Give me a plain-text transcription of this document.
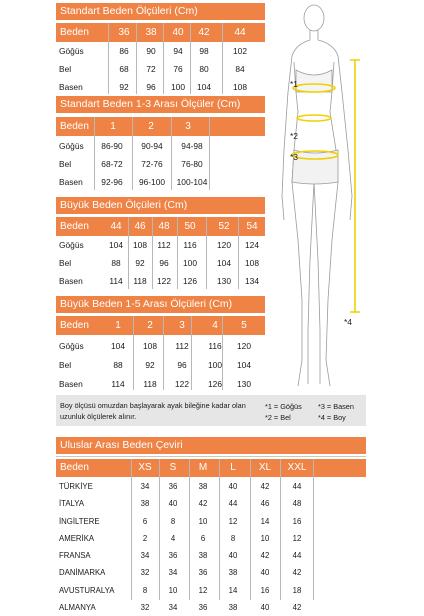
Standart Beden Ölçüleri (Cm)
Beden	36	38	40	42	44
Göğüs	86	90	94	98	102
Bel	68	72	76	80	84
Basen	92	96	100	104	108
Standart Beden 1-3 Arası Ölçüler (Cm)
Beden	1	2	3
Göğüs	86-90	90-94	94-98
Bel	68-72	72-76	76-80
Basen	92-96	96-100	100-104
Büyük Beden Ölçüleri (Cm)
Beden	44	46	48	50	52	54
Göğüs	104	108	112	116	120	124
Bel	88	92	96	100	104	108
Basen	114	118	122	126	130	134
Büyük Beden 1-5 Arası Ölçüleri (Cm)
Beden	1	2	3	4	5
Göğüs	104	108	112	116	120
Bel	88	92	96	100	104
Basen	114	118	122	126	130
*1
*2
*3
*4
Boy ölçüsü omuzdan başlayarak ayak bileğine kadar olan uzunluk ölçülerek alınır.
*1 = Göğüs *3 = Basen
*2 = Bel	*4 = Boy
Uluslar Arası Beden Çeviri
Beden	XS	S	M	L	XL	XXL
TÜRKİYE	34	36	38	40	42	44
İTALYA	38	40	42	44	46	48
İNGİLTERE	6	8	10	12	14	16
AMERİKA	2	4	6	8	10	12
FRANSA	34	36	38	40	42	44
DANİMARKA	32	34	36	38	40	42
AVUSTURALYA	8	10	12	14	16	18
ALMANYA	32	34	36	38	40	42
